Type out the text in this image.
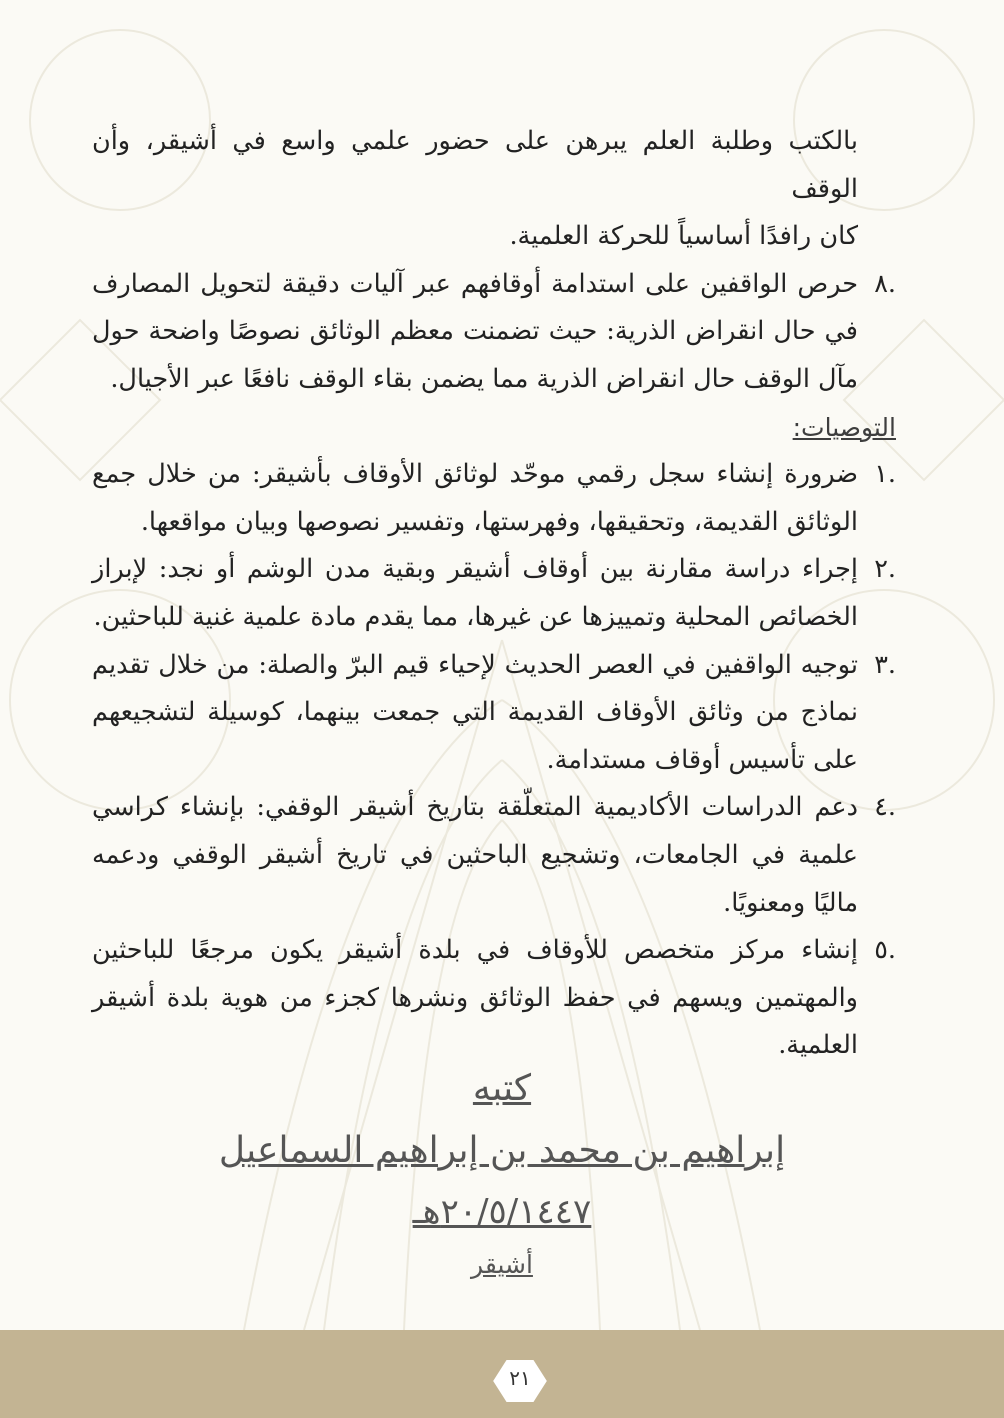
بالكتب وطلبة العلم يبرهن على حضور علمي واسع في أشيقر، وأن الوقف

كان رافدًا أساسياً للحركة العلمية.

.٨
حرص الواقفين على استدامة أوقافهم عبر آليات دقيقة لتحويل المصارف في حال انقراض الذرية: حيث تضمنت معظم الوثائق نصوصًا واضحة حول مآل الوقف حال انقراض الذرية مما يضمن بقاء الوقف نافعًا عبر الأجيال.

التوصيات:

.١
ضرورة إنشاء سجل رقمي موحّد لوثائق الأوقاف بأشيقر: من خلال جمع الوثائق القديمة، وتحقيقها، وفهرستها، وتفسير نصوصها وبيان مواقعها.
.٢
إجراء دراسة مقارنة بين أوقاف أشيقر وبقية مدن الوشم أو نجد: لإبراز الخصائص المحلية وتمييزها عن غيرها، مما يقدم مادة علمية غنية للباحثين.
.٣
توجيه الواقفين في العصر الحديث لإحياء قيم البرّ والصلة: من خلال تقديم نماذج من وثائق الأوقاف القديمة التي جمعت بينهما، كوسيلة لتشجيعهم على تأسيس أوقاف مستدامة.
.٤
دعم الدراسات الأكاديمية المتعلّقة بتاريخ أشيقر الوقفي: بإنشاء كراسي علمية في الجامعات، وتشجيع الباحثين في تاريخ أشيقر الوقفي ودعمه ماليًا ومعنويًا.
.٥
إنشاء مركز متخصص للأوقاف في بلدة أشيقر يكون مرجعًا للباحثين والمهتمين ويسهم في حفظ الوثائق ونشرها كجزء من هوية بلدة أشيقر العلمية.
كتبه
إبراهيم بن محمد بن إبراهيم السماعيل
٢٠/٥/١٤٤٧هـ
أشيقر
٢١
